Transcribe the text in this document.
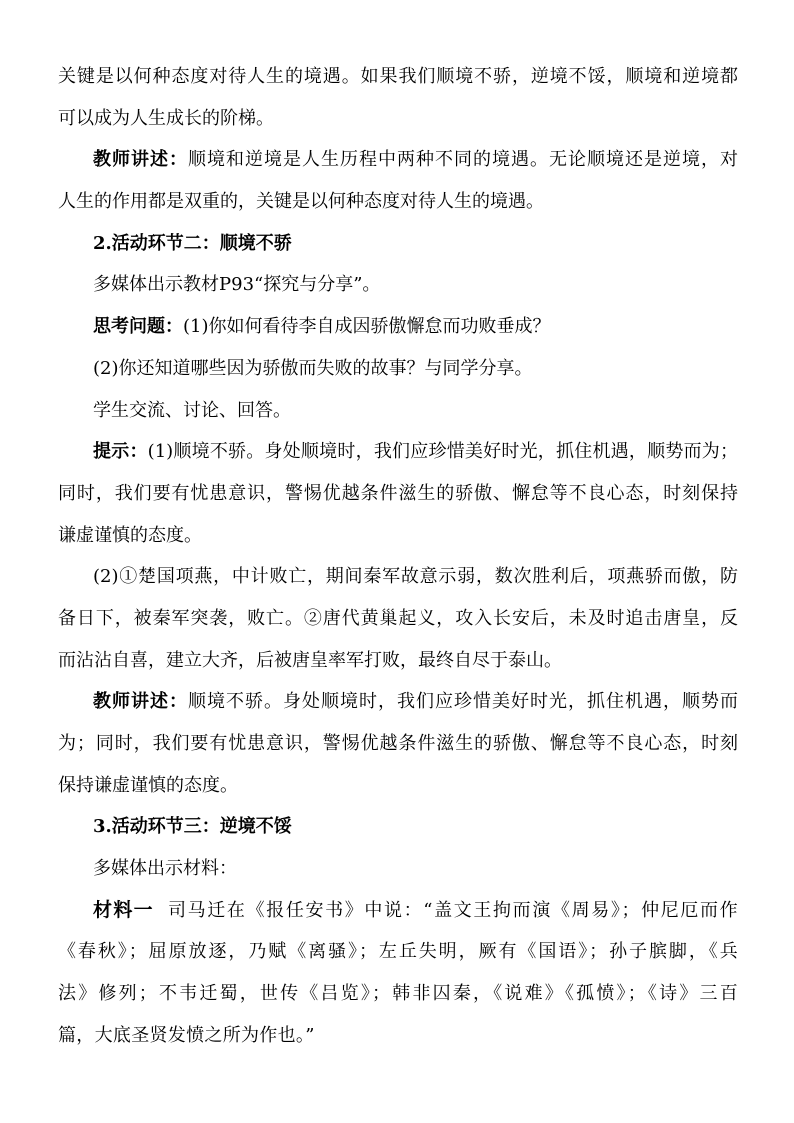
关键是以何种态度对待人生的境遇。如果我们顺境不骄，逆境不馁，顺境和逆境都
可以成为人生成长的阶梯。
教师讲述：顺境和逆境是人生历程中两种不同的境遇。无论顺境还是逆境，对
人生的作用都是双重的，关键是以何种态度对待人生的境遇。
2.活动环节二：顺境不骄
多媒体出示教材P93“探究与分享”。
思考问题：(1)你如何看待李自成因骄傲懈怠而功败垂成？
(2)你还知道哪些因为骄傲而失败的故事？与同学分享。
学生交流、讨论、回答。
提示：(1)顺境不骄。身处顺境时，我们应珍惜美好时光，抓住机遇，顺势而为；
同时，我们要有忧患意识，警惕优越条件滋生的骄傲、懈怠等不良心态，时刻保持
谦虚谨慎的态度。
(2)①楚国项燕，中计败亡，期间秦军故意示弱，数次胜利后，项燕骄而傲，防
备日下，被秦军突袭，败亡。②唐代黄巢起义，攻入长安后，未及时追击唐皇，反
而沾沾自喜，建立大齐，后被唐皇率军打败，最终自尽于泰山。
教师讲述：顺境不骄。身处顺境时，我们应珍惜美好时光，抓住机遇，顺势而
为；同时，我们要有忧患意识，警惕优越条件滋生的骄傲、懈怠等不良心态，时刻
保持谦虚谨慎的态度。
3.活动环节三：逆境不馁
多媒体出示材料：
材料一 司马迁在《报任安书》中说：“盖文王拘而演《周易》；仲尼厄而作
《春秋》；屈原放逐，乃赋《离骚》；左丘失明，厥有《国语》；孙子膑脚，《兵
法》修列；不韦迁蜀，世传《吕览》；韩非囚秦，《说难》《孤愤》；《诗》三百
篇，大底圣贤发愤之所为作也。”
